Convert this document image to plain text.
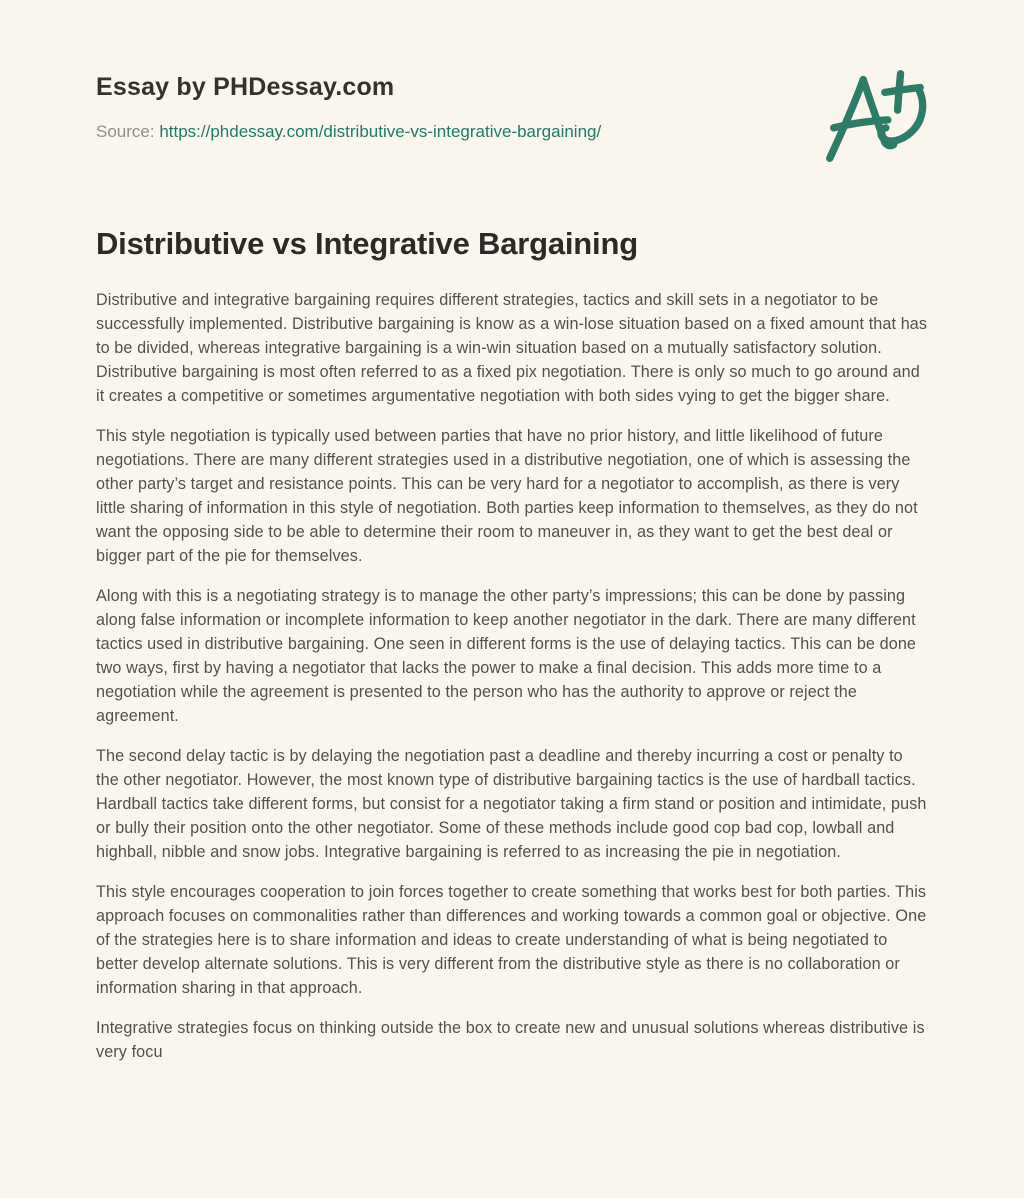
Essay by PHDessay.com
Source: https://phdessay.com/distributive-vs-integrative-bargaining/
Distributive vs Integrative Bargaining

Distributive and integrative bargaining requires different strategies, tactics and skill sets in a negotiator to be successfully implemented. Distributive bargaining is know as a win-lose situation based on a fixed amount that has to be divided, whereas integrative bargaining is a win-win situation based on a mutually satisfactory solution. Distributive bargaining is most often referred to as a fixed pix negotiation. There is only so much to go around and it creates a competitive or sometimes argumentative negotiation with both sides vying to get the bigger share.

This style negotiation is typically used between parties that have no prior history, and little likelihood of future negotiations. There are many different strategies used in a distributive negotiation, one of which is assessing the other party’s target and resistance points. This can be very hard for a negotiator to accomplish, as there is very little sharing of information in this style of negotiation. Both parties keep information to themselves, as they do not want the opposing side to be able to determine their room to maneuver in, as they want to get the best deal or bigger part of the pie for themselves.

Along with this is a negotiating strategy is to manage the other party’s impressions; this can be done by passing along false information or incomplete information to keep another negotiator in the dark. There are many different tactics used in distributive bargaining. One seen in different forms is the use of delaying tactics. This can be done two ways, first by having a negotiator that lacks the power to make a final decision. This adds more time to a negotiation while the agreement is presented to the person who has the authority to approve or reject the agreement.

The second delay tactic is by delaying the negotiation past a deadline and thereby incurring a cost or penalty to the other negotiator. However, the most known type of distributive bargaining tactics is the use of hardball tactics. Hardball tactics take different forms, but consist for a negotiator taking a firm stand or position and intimidate, push or bully their position onto the other negotiator. Some of these methods include good cop bad cop, lowball and highball, nibble and snow jobs. Integrative bargaining is referred to as increasing the pie in negotiation.

This style encourages cooperation to join forces together to create something that works best for both parties. This approach focuses on commonalities rather than differences and working towards a common goal or objective. One of the strategies here is to share information and ideas to create understanding of what is being negotiated to better develop alternate solutions. This is very different from the distributive style as there is no collaboration or information sharing in that approach.

Integrative strategies focus on thinking outside the box to create new and unusual solutions whereas distributive is very focu
